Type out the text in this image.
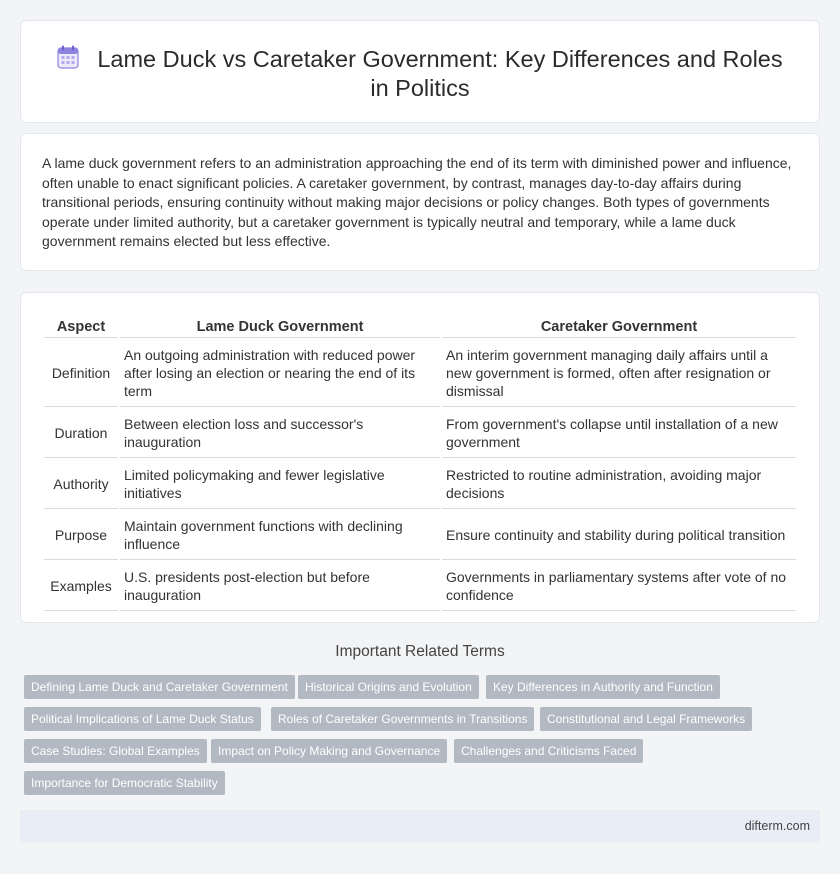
Lame Duck vs Caretaker Government: Key Differences and Roles in Politics
A lame duck government refers to an administration approaching the end of its term with diminished power and influence, often unable to enact significant policies. A caretaker government, by contrast, manages day-to-day affairs during transitional periods, ensuring continuity without making major decisions or policy changes. Both types of governments operate under limited authority, but a caretaker government is typically neutral and temporary, while a lame duck government remains elected but less effective.
Aspect	Lame Duck Government	Caretaker Government
Definition	An outgoing administration with reduced power after losing an election or nearing the end of its term	An interim government managing daily affairs until a new government is formed, often after resignation or dismissal
Duration	Between election loss and successor's inauguration	From government's collapse until installation of a new government
Authority	Limited policymaking and fewer legislative initiatives	Restricted to routine administration, avoiding major decisions
Purpose	Maintain government functions with declining influence	Ensure continuity and stability during political transition
Examples	U.S. presidents post-election but before inauguration	Governments in parliamentary systems after vote of no confidence
Important Related Terms
Defining Lame Duck and Caretaker Government	Historical Origins and Evolution	Key Differences in Authority and Function
Political Implications of Lame Duck Status	Roles of Caretaker Governments in Transitions	Constitutional and Legal Frameworks
Case Studies: Global Examples	Impact on Policy Making and Governance	Challenges and Criticisms Faced
Importance for Democratic Stability
difterm.com
